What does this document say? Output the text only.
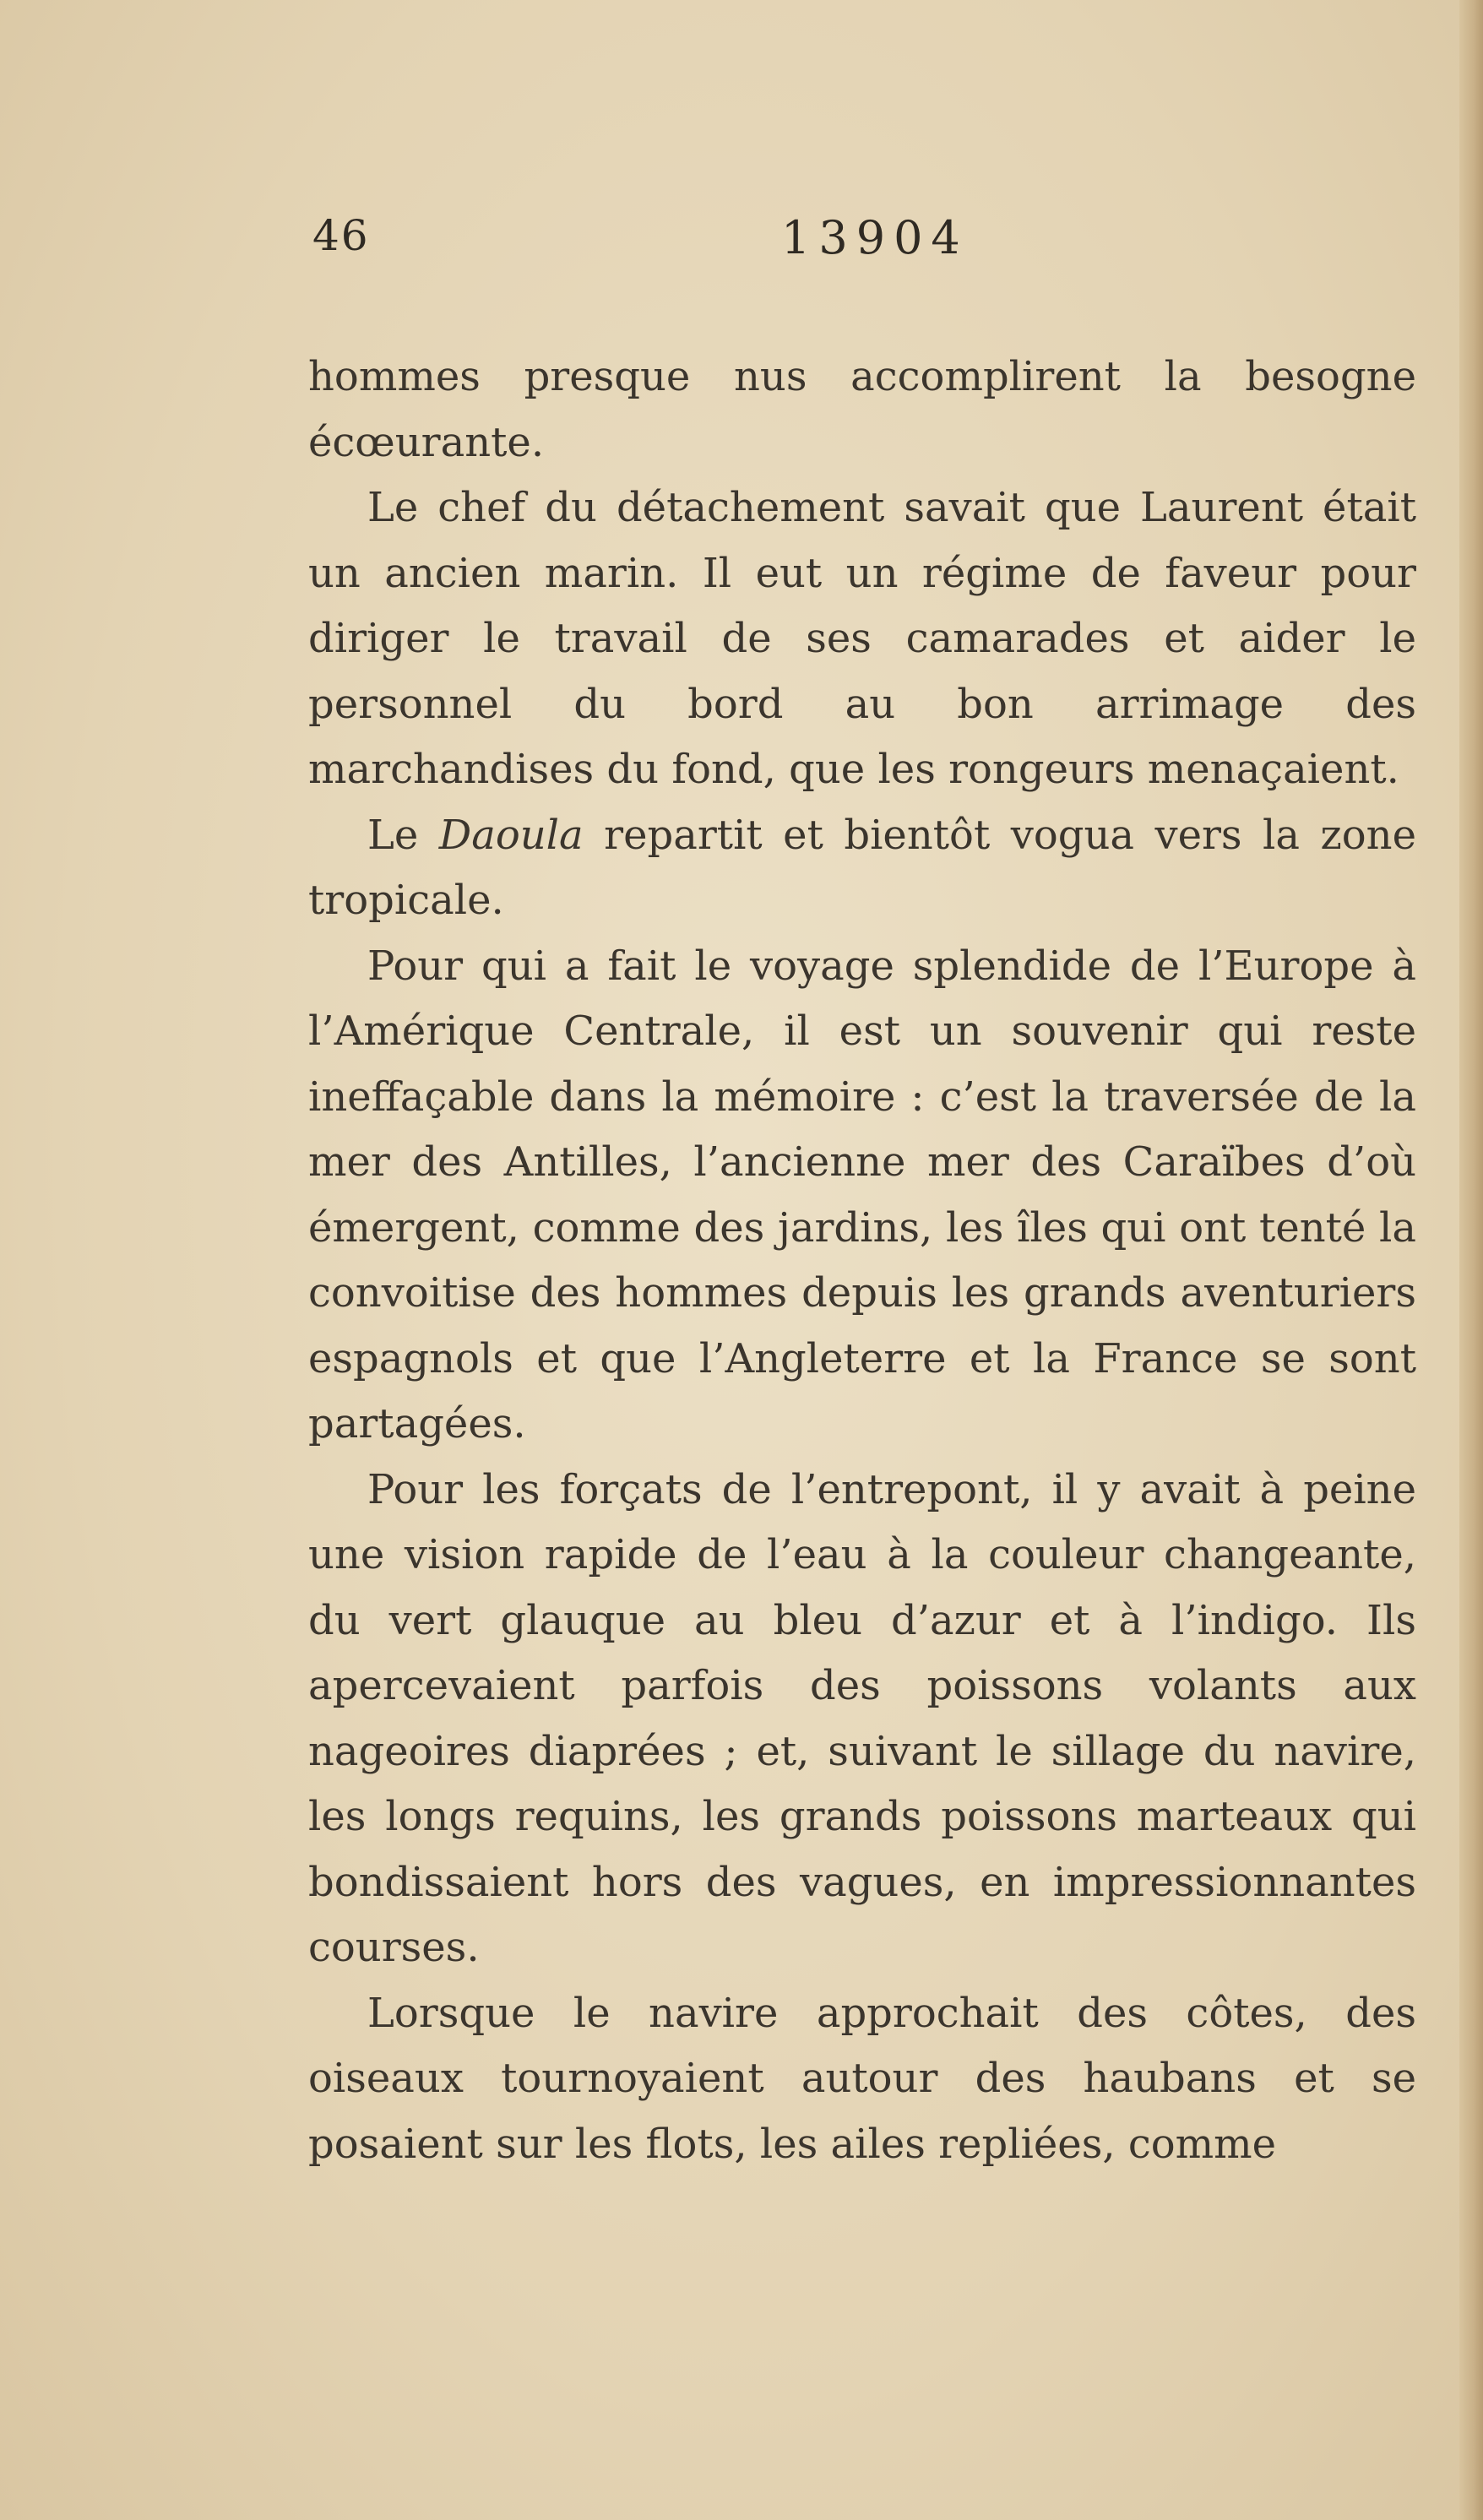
46	13904

hommes presque nus accomplirent la besogne écœurante.

Le chef du détachement savait que Laurent était un ancien marin. Il eut un régime de faveur pour diriger le travail de ses camarades et aider le personnel du bord au bon arrimage des marchandises du fond, que les rongeurs menaçaient.

Le Daoula repartit et bientôt vogua vers la zone tropicale.

Pour qui a fait le voyage splendide de l’Europe à l’Amérique Centrale, il est un souvenir qui reste ineffaçable dans la mémoire : c’est la traversée de la mer des Antilles, l’ancienne mer des Caraïbes d’où émergent, comme des jardins, les îles qui ont tenté la convoitise des hommes depuis les grands aventuriers espagnols et que l’Angleterre et la France se sont partagées.

Pour les forçats de l’entrepont, il y avait à peine une vision rapide de l’eau à la couleur changeante, du vert glauque au bleu d’azur et à l’indigo. Ils apercevaient parfois des poissons volants aux nageoires diaprées ; et, suivant le sillage du navire, les longs requins, les grands poissons marteaux qui bondissaient hors des vagues, en impressionnantes courses.

Lorsque le navire approchait des côtes, des oiseaux tournoyaient autour des haubans et se posaient sur les flots, les ailes repliées, comme
